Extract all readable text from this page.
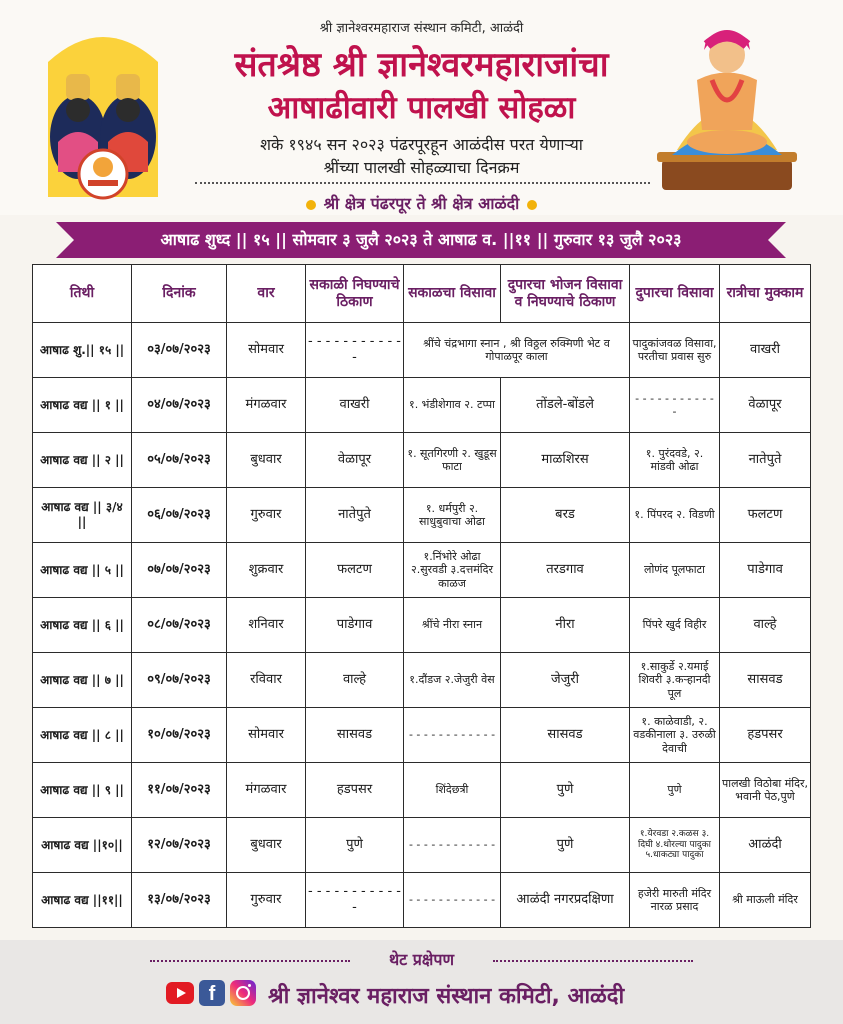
श्री ज्ञानेश्वरमहाराज संस्थान कमिटी, आळंदी
संतश्रेष्ठ श्री ज्ञानेश्वरमहाराजांचा
आषाढीवारी पालखी सोहळा
शके १९४५ सन २०२३ पंढरपूरहून आळंदीस परत येणाऱ्या
श्रींच्या पालखी सोहळ्याचा दिनक्रम
श्री क्षेत्र पंढरपूर ते श्री क्षेत्र आळंदी
आषाढ शुध्द || १५ || सोमवार ३ जुलै २०२३ ते आषाढ व. ||११ || गुरुवार १३ जुलै २०२३
तिथी	दिनांक	वार	सकाळी निघण्याचे ठिकाण	सकाळचा विसावा	दुपारचा भोजन विसावा व निघण्याचे ठिकाण	दुपारचा विसावा	रात्रीचा मुक्काम
आषाढ शु.|| १५ ||	०३/०७/२०२३	सोमवार	- - - - - - - - - - - -	श्रींचे चंद्रभागा स्नान , श्री विठ्ठल रुक्मिणी भेट व गोपाळपूर काला		पादुकांजवळ विसावा, परतीचा प्रवास सुरु	वाखरी
आषाढ वद्य || १ ||	०४/०७/२०२३	मंगळवार	वाखरी	१. भंडीशेगाव २. टप्पा	तोंडले-बोंडले	- - - - - - - - - - - -	वेळापूर
आषाढ वद्य || २ ||	०५/०७/२०२३	बुधवार	वेळापूर	१. सूतगिरणी २. खुडूस फाटा	माळशिरस	१. पुरंदवडे, २. मांडवी ओढा	नातेपुते
आषाढ वद्य || ३/४ ||	०६/०७/२०२३	गुरुवार	नातेपुते	१. धर्मपुरी २. साधुबुवाचा ओढा	बरड	१. पिंपरद २. विडणी	फलटण
आषाढ वद्य || ५ ||	०७/०७/२०२३	शुक्रवार	फलटण	१.निंभोरे ओढा २.सुरवडी ३.दत्तमंदिर काळज	तरडगाव	लोणंद पूलफाटा	पाडेगाव
आषाढ वद्य || ६ ||	०८/०७/२०२३	शनिवार	पाडेगाव	श्रींचे नीरा स्नान	नीरा	पिंपरे खुर्द विहीर	वाल्हे
आषाढ वद्य || ७ ||	०९/०७/२०२३	रविवार	वाल्हे	१.दौंडज २.जेजुरी वेस	जेजुरी	१.साकुर्डे २.यमाई शिवरी ३.कऱ्हानदी पूल	सासवड
आषाढ वद्य || ८ ||	१०/०७/२०२३	सोमवार	सासवड	- - - - - - - - - - - -	सासवड	१. काळेवाडी, २. वडकीनाला ३. उरुळी देवाची	हडपसर
आषाढ वद्य || ९ ||	११/०७/२०२३	मंगळवार	हडपसर	शिंदेछत्री	पुणे	पुणे	पालखी विठोबा मंदिर, भवानी पेठ,पुणे
आषाढ वद्य ||१०||	१२/०७/२०२३	बुधवार	पुणे	- - - - - - - - - - - -	पुणे	१.येरवडा २.कळस ३. दिघी ४.थोरल्या पादुका ५.धाकट्या पादुका	आळंदी
आषाढ वद्य ||११||	१३/०७/२०२३	गुरुवार	- - - - - - - - - - - -	- - - - - - - - - - - -	आळंदी नगरप्रदक्षिणा	हजेरी मारुती मंदिर नारळ प्रसाद	श्री माऊली मंदिर
थेट प्रक्षेपण
f	श्री ज्ञानेश्वर महाराज संस्थान कमिटी, आळंदी
